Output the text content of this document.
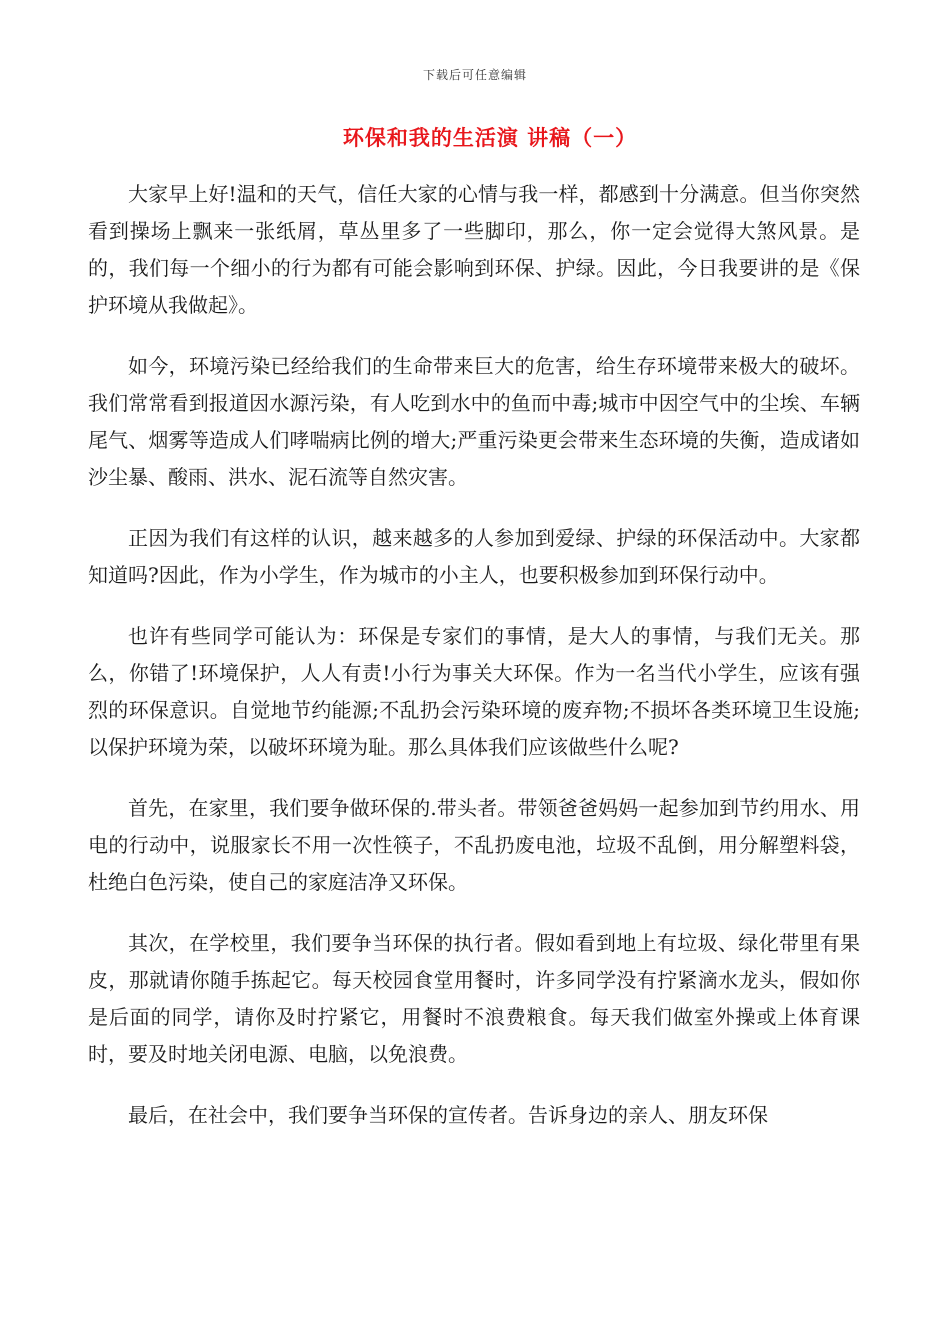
下载后可任意编辑
环保和我的生活演 讲稿（一）

大家早上好!温和的天气，信任大家的心情与我一样，都感到十分满意。但当你突然看到操场上飘来一张纸屑，草丛里多了一些脚印，那么，你一定会觉得大煞风景。是的，我们每一个细小的行为都有可能会影响到环保、护绿。因此，今日我要讲的是《保护环境从我做起》。

如今，环境污染已经给我们的生命带来巨大的危害，给生存环境带来极大的破坏。我们常常看到报道因水源污染，有人吃到水中的鱼而中毒;城市中因空气中的尘埃、车辆尾气、烟雾等造成人们哮喘病比例的增大;严重污染更会带来生态环境的失衡，造成诸如沙尘暴、酸雨、洪水、泥石流等自然灾害。

正因为我们有这样的认识，越来越多的人参加到爱绿、护绿的环保活动中。大家都知道吗?因此，作为小学生，作为城市的小主人，也要积极参加到环保行动中。

也许有些同学可能认为：环保是专家们的事情，是大人的事情，与我们无关。那么，你错了!环境保护，人人有责!小行为事关大环保。作为一名当代小学生，应该有强烈的环保意识。自觉地节约能源;不乱扔会污染环境的废弃物;不损坏各类环境卫生设施;以保护环境为荣，以破坏环境为耻。那么具体我们应该做些什么呢?

首先，在家里，我们要争做环保的.带头者。带领爸爸妈妈一起参加到节约用水、用电的行动中，说服家长不用一次性筷子，不乱扔废电池，垃圾不乱倒，用分解塑料袋，杜绝白色污染，使自己的家庭洁净又环保。

其次，在学校里，我们要争当环保的执行者。假如看到地上有垃圾、绿化带里有果皮，那就请你随手拣起它。每天校园食堂用餐时，许多同学没有拧紧滴水龙头，假如你是后面的同学，请你及时拧紧它，用餐时不浪费粮食。每天我们做室外操或上体育课时，要及时地关闭电源、电脑，以免浪费。

最后，在社会中，我们要争当环保的宣传者。告诉身边的亲人、朋友环保
